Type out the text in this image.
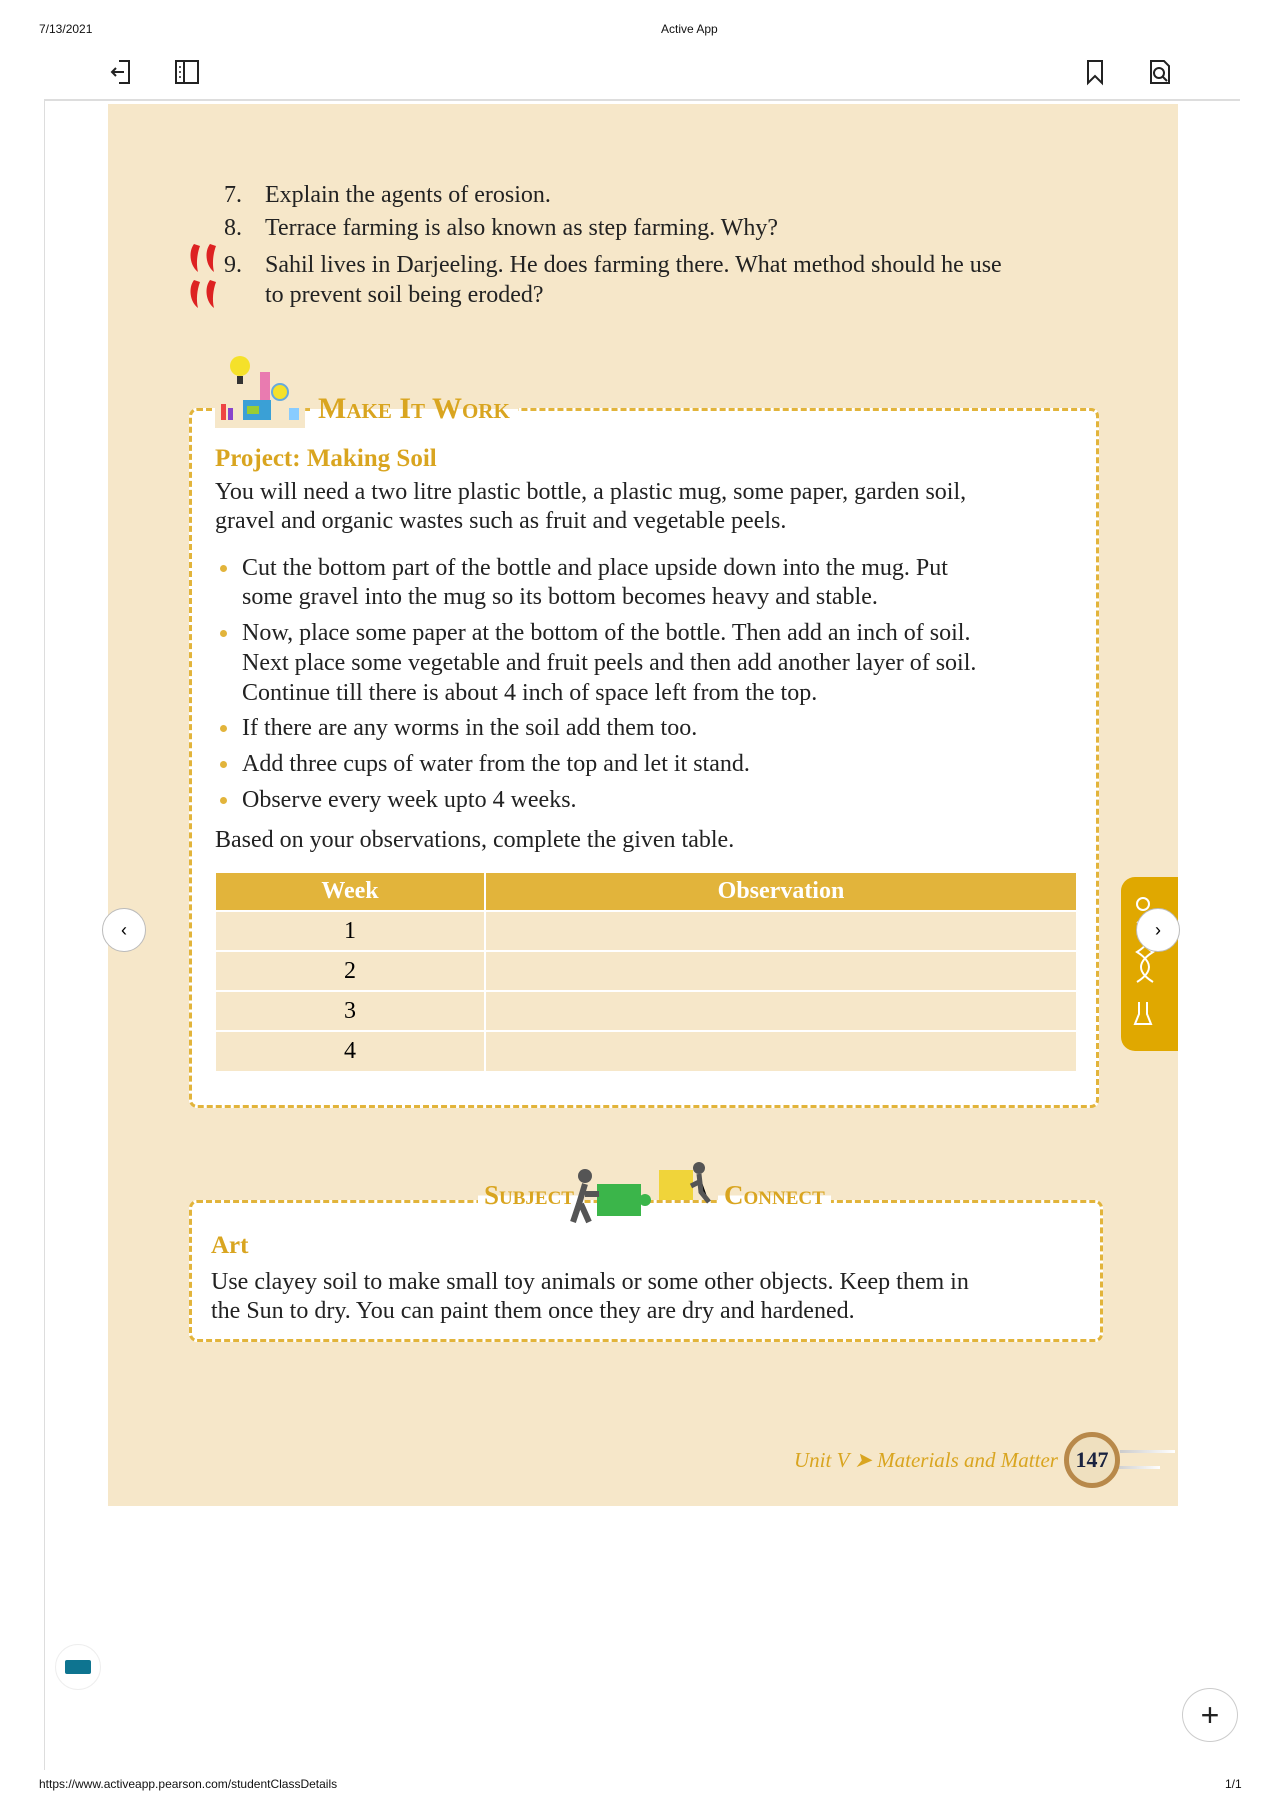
7/13/2021	Active App
7. Explain the agents of erosion.
8. Terrace farming is also known as step farming. Why?
9. Sahil lives in Darjeeling. He does farming there. What method should he use
to prevent soil being eroded?
Make It Work
Project: Making Soil
You will need a two litre plastic bottle, a plastic mug, some paper, garden soil,
gravel and organic wastes such as fruit and vegetable peels.
Cut the bottom part of the bottle and place upside down into the mug. Put
some gravel into the mug so its bottom becomes heavy and stable.
Now, place some paper at the bottom of the bottle. Then add an inch of soil.
Next place some vegetable and fruit peels and then add another layer of soil.
Continue till there is about 4 inch of space left from the top.
If there are any worms in the soil add them too.
Add three cups of water from the top and let it stand.
Observe every week upto 4 weeks.
Based on your observations, complete the given table.
Week	Observation
1	
2	
3	
4	
‹	›
Subject	Connect
Art
Use clayey soil to make small toy animals or some other objects. Keep them in
the Sun to dry. You can paint them once they are dry and hardened.
Unit V ➤ Materials and Matter 147
+
https://www.activeapp.pearson.com/studentClassDetails	1/1
